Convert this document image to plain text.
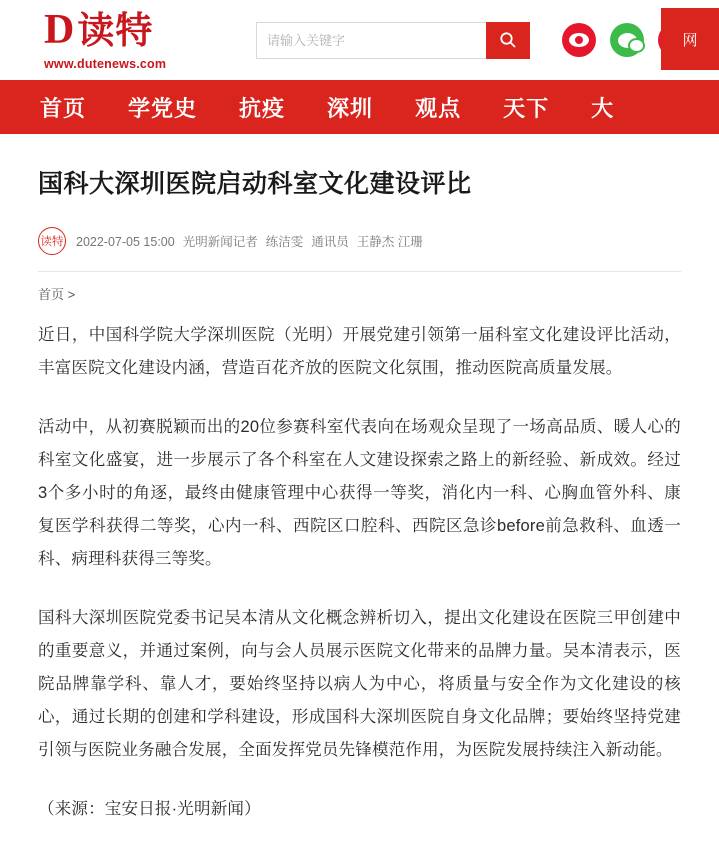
D 读特
www.dutenews.com
请输入关键字
网
首页 学党史 抗疫 深圳 观点 天下 大
国科大深圳医院启动科室文化建设评比
读特 2022-07-05 15:00 光明新闻记者 练洁雯 通讯员 王静杰 江珊
首页 >

近日，中国科学院大学深圳医院（光明）开展党建引领第一届科室文化建设评比活动，丰富医院文化建设内涵，营造百花齐放的医院文化氛围，推动医院高质量发展。

活动中，从初赛脱颖而出的20位参赛科室代表向在场观众呈现了一场高品质、暖人心的科室文化盛宴，进一步展示了各个科室在人文建设探索之路上的新经验、新成效。经过3个多小时的角逐，最终由健康管理中心获得一等奖，消化内一科、心胸血管外科、康复医学科获得二等奖，心内一科、西院区口腔科、西院区急诊before前急救科、血透一科、病理科获得三等奖。

国科大深圳医院党委书记吴本清从文化概念辨析切入，提出文化建设在医院三甲创建中的重要意义，并通过案例，向与会人员展示医院文化带来的品牌力量。吴本清表示，医院品牌靠学科、靠人才，要始终坚持以病人为中心，将质量与安全作为文化建设的核心，通过长期的创建和学科建设，形成国科大深圳医院自身文化品牌；要始终坚持党建引领与医院业务融合发展，全面发挥党员先锋模范作用，为医院发展持续注入新动能。

（来源：宝安日报·光明新闻）
